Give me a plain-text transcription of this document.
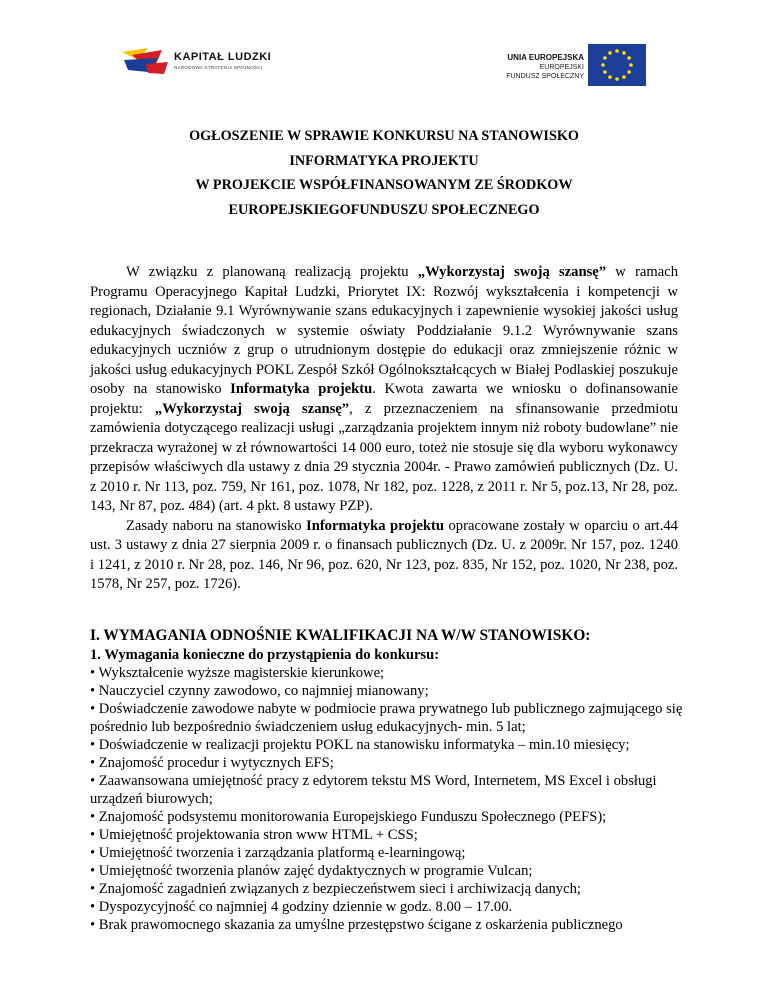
KAPITAŁ LUDZKI
NARODOWA STRATEGIA SPÓJNOŚCI
UNIA EUROPEJSKA
EUROPEJSKI
FUNDUSZ SPOŁECZNY
OGŁOSZENIE W SPRAWIE KONKURSU NA STANOWISKO
INFORMATYKA PROJEKTU
W PROJEKCIE WSPÓŁFINANSOWANYM ZE ŚRODKOW
EUROPEJSKIEGOFUNDUSZU SPOŁECZNEGO

W związku z planowaną realizacją projektu „Wykorzystaj swoją szansę” w ramach Programu Operacyjnego Kapitał Ludzki, Priorytet IX: Rozwój wykształcenia i kompetencji w regionach, Działanie 9.1 Wyrównywanie szans edukacyjnych i zapewnienie wysokiej jakości usług edukacyjnych świadczonych w systemie oświaty Poddziałanie 9.1.2 Wyrównywanie szans edukacyjnych uczniów z grup o utrudnionym dostępie do edukacji oraz zmniejszenie różnic w jakości usług edukacyjnych POKL Zespół Szkół Ogólnokształcących w Białej Podlaskiej poszukuje osoby na stanowisko Informatyka projektu. Kwota zawarta we wniosku o dofinansowanie projektu: „Wykorzystaj swoją szansę”, z przeznaczeniem na sfinansowanie przedmiotu zamówienia dotyczącego realizacji usługi „zarządzania projektem innym niż roboty budowlane” nie przekracza wyrażonej w zł równowartości 14 000 euro, toteż nie stosuje się dla wyboru wykonawcy przepisów właściwych dla ustawy z dnia 29 stycznia 2004r. - Prawo zamówień publicznych (Dz. U. z 2010 r. Nr 113, poz. 759, Nr 161, poz. 1078, Nr 182, poz. 1228, z 2011 r. Nr 5, poz.13, Nr 28, poz. 143, Nr 87, poz. 484) (art. 4 pkt. 8 ustawy PZP).

Zasady naboru na stanowisko Informatyka projektu opracowane zostały w oparciu o art.44 ust. 3 ustawy z dnia 27 sierpnia 2009 r. o finansach publicznych (Dz. U. z 2009r. Nr 157, poz. 1240 i 1241, z 2010 r. Nr 28, poz. 146, Nr 96, poz. 620, Nr 123, poz. 835, Nr 152, poz. 1020, Nr 238, poz. 1578, Nr 257, poz. 1726).

I. WYMAGANIA ODNOŚNIE KWALIFIKACJI NA W/W STANOWISKO:
1. Wymagania konieczne do przystąpienia do konkursu:
• Wykształcenie wyższe magisterskie kierunkowe;
• Nauczyciel czynny zawodowo, co najmniej mianowany;
• Doświadczenie zawodowe nabyte w podmiocie prawa prywatnego lub publicznego zajmującego się pośrednio lub bezpośrednio świadczeniem usług edukacyjnych- min. 5 lat;
• Doświadczenie w realizacji projektu POKL na stanowisku informatyka – min.10 miesięcy;
• Znajomość procedur i wytycznych EFS;
• Zaawansowana umiejętność pracy z edytorem tekstu MS Word, Internetem, MS Excel i obsługi urządzeń biurowych;
• Znajomość podsystemu monitorowania Europejskiego Funduszu Społecznego (PEFS);
• Umiejętność projektowania stron www HTML + CSS;
• Umiejętność tworzenia i zarządzania platformą e-learningową;
• Umiejętność tworzenia planów zajęć dydaktycznych w programie Vulcan;
• Znajomość zagadnień związanych z bezpieczeństwem sieci i archiwizacją danych;
• Dyspozycyjność co najmniej 4 godziny dziennie w godz. 8.00 – 17.00.
• Brak prawomocnego skazania za umyślne przestępstwo ścigane z oskarżenia publicznego
